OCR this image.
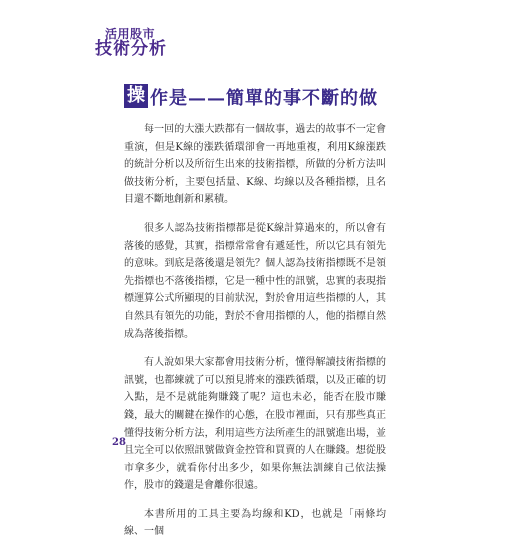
活用股市
技術分析
操 作是——簡單的事不斷的做

每一回的大漲大跌都有一個故事，過去的故事不一定會重演，但是K線的漲跌循環卻會一再地重複，利用K線漲跌的統計分析以及所衍生出來的技術指標，所做的分析方法叫做技術分析，主要包括量、K線、均線以及各種指標，且名目還不斷地創新和累積。

很多人認為技術指標都是從K線計算過來的，所以會有落後的感覺，其實，指標常常會有遞延性，所以它具有領先的意味。到底是落後還是領先？個人認為技術指標既不是領先指標也不落後指標，它是一種中性的訊號，忠實的表現指標運算公式所顯現的目前狀況，對於會用這些指標的人，其自然具有領先的功能，對於不會用指標的人，他的指標自然成為落後指標。

有人說如果大家都會用技術分析，懂得解讀技術指標的訊號，也都練就了可以預見將來的漲跌循環，以及正確的切入點，是不是就能夠賺錢了呢？這也未必，能否在股市賺錢，最大的關鍵在操作的心態，在股市裡面，只有那些真正懂得技術分析方法，利用這些方法所產生的訊號進出場，並且完全可以依照訊號做資金控管和買賣的人在賺錢。想從股市拿多少，就看你付出多少，如果你無法訓練自己依法操作，股市的錢還是會離你很遠。

本書所用的工具主要為均線和KD，也就是「兩條均線、一個

28
